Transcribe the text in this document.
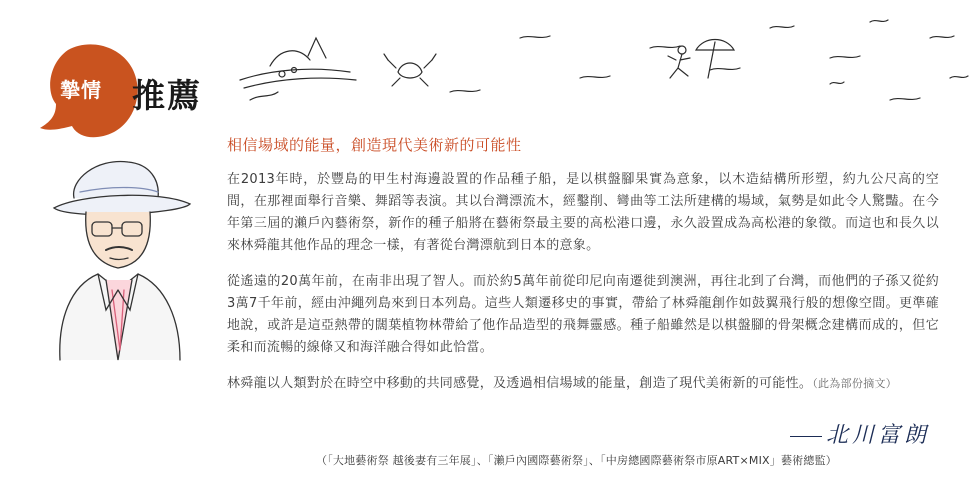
摯情 推薦
相信場域的能量，創造現代美術新的可能性

在2013年時，於豐島的甲生村海邊設置的作品種子船，是以棋盤腳果實為意象，以木造結構所形塑，約九公尺高的空間，在那裡面舉行音樂、舞蹈等表演。其以台灣漂流木，經鑿削、彎曲等工法所建構的場域，氣勢是如此令人驚豔。在今年第三屆的瀨戶內藝術祭，新作的種子船將在藝術祭最主要的高松港口邊，永久設置成為高松港的象徵。而這也和長久以來林舜龍其他作品的理念一樣，有著從台灣漂航到日本的意象。

從遙遠的20萬年前，在南非出現了智人。而於約5萬年前從印尼向南遷徙到澳洲，再往北到了台灣，而他們的子孫又從約3萬7千年前，經由沖繩列島來到日本列島。這些人類遷移史的事實，帶給了林舜龍創作如鼓翼飛行般的想像空間。更準確地說，或許是這亞熱帶的闊葉植物林帶給了他作品造型的飛舞靈感。種子船雖然是以棋盤腳的骨架概念建構而成的，但它柔和而流暢的線條又和海洋融合得如此恰當。

林舜龍以人類對於在時空中移動的共同感覺，及透過相信場域的能量，創造了現代美術新的可能性。（此為部份摘文）

北川富朗
（「大地藝術祭 越後妻有三年展」、「瀨戶內國際藝術祭」、「中房總國際藝術祭市原ART×MIX」藝術總監）
